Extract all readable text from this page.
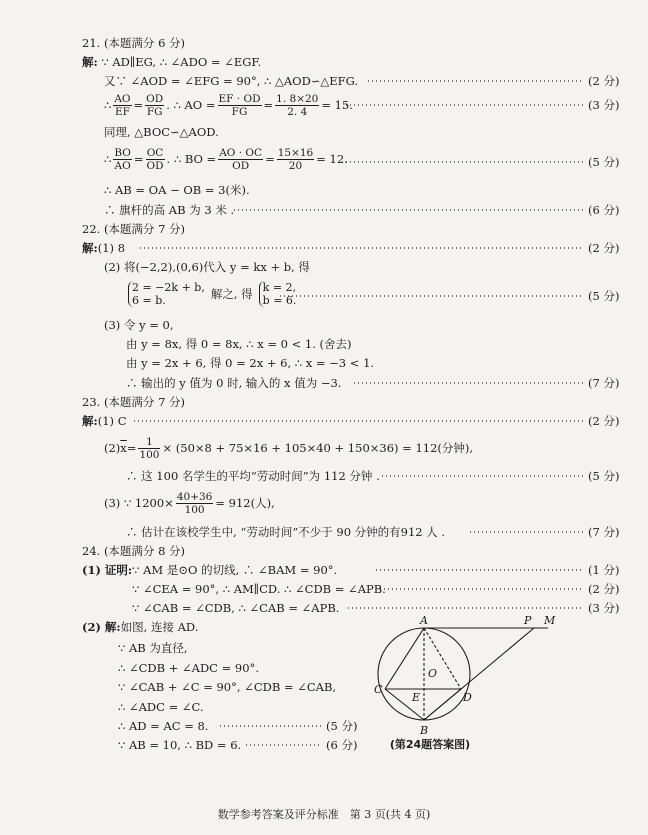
21. (本题满分 6 分)
解: ∵ AD∥EG, ∴ ∠ADO = ∠EGF.
又∵ ∠AOD = ∠EFG = 90°, ∴ △AOD∽△EFG.	(2 分)
∴ $\frac{AO}{EF} = \frac{OD}{FG}$ . ∴ AO = $\frac{EF \cdot OD}{FG} = \frac{1. 8\times 20}{2. 4} = 15$.	(3 分)
同理, △BOC∽△AOD.
∴ $\frac{BO}{AO} = \frac{OC}{OD}$ . ∴ BO = $\frac{AO \cdot OC}{OD} = \frac{15\times 16}{20} = 12$.	(5 分)
∴ AB = OA − OB = 3(米).
∴ 旗杆的高 AB 为 3 米 .	(6 分)
22. (本题满分 7 分)
解:(1) 8	(2 分)
(2) 将(−2,2),(0,6)代入 y = kx + b, 得
2 = −2k + b,
6 = b.	解之, 得 k = 2,
b = 6.	(5 分)
(3) 令 y = 0,
由 y = 8x, 得 0 = 8x, ∴ x = 0 < 1. (舍去)
由 y = 2x + 6, 得 0 = 2x + 6, ∴ x = −3 < 1.
∴ 输出的 y 值为 0 时, 输入的 x 值为 −3.	(7 分)
23. (本题满分 7 分)
解:(1) C	(2 分)
(2) $\overline{x} = \frac{1}{100} \times (50\times 8 + 75\times 16 + 105\times 40 + 150\times 36) = 112$(分钟),
∴ 这 100 名学生的平均“劳动时间”为 112 分钟 .	(5 分)
(3) ∵ $1200\times \frac{40+36}{100} = 912$(人),
∴ 估计在该校学生中, “劳动时间”不少于 90 分钟的有912 人 .	(7 分)
24. (本题满分 8 分)
(1) 证明:∵ AM 是⊙O 的切线, ∴ ∠BAM = 90°.	(1 分)
∵ ∠CEA = 90°, ∴ AM∥CD. ∴ ∠CDB = ∠APB.	(2 分)
∵ ∠CAB = ∠CDB, ∴ ∠CAB = ∠APB.	(3 分)
(2) 解:如图, 连接 AD.
∵ AB 为直径,
∴ ∠CDB + ∠ADC = 90°.
∵ ∠CAB + ∠C = 90°, ∠CDB = ∠CAB,
∴ ∠ADC = ∠C.
∴ AD = AC = 8.	(5 分)
∵ AB = 10, ∴ BD = 6.	(6 分)
A	P M
O
C
E	D
B
(第24题答案图)
数学参考答案及评分标准　第 3 页(共 4 页)
